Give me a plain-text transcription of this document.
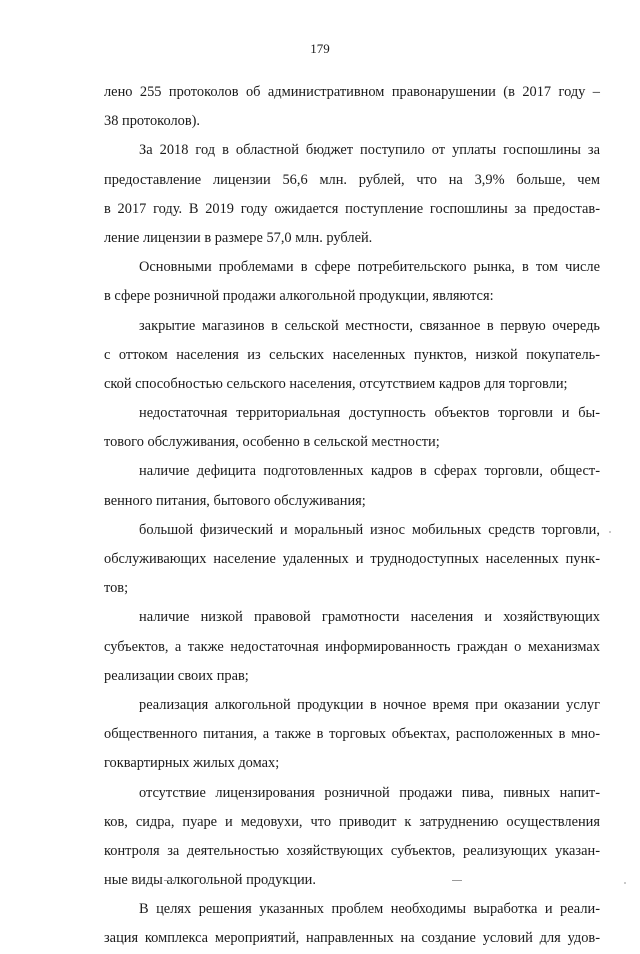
179
лено 255 протоколов об административном правонарушении (в 2017 году –
38 протоколов).
За 2018 год в областной бюджет поступило от уплаты госпошлины за
предоставление лицензии 56,6 млн. рублей, что на 3,9% больше, чем
в 2017 году. В 2019 году ожидается поступление госпошлины за предостав-
ление лицензии в размере 57,0 млн. рублей.
Основными проблемами в сфере потребительского рынка, в том числе
в сфере розничной продажи алкогольной продукции, являются:
закрытие магазинов в сельской местности, связанное в первую очередь
с оттоком населения из сельских населенных пунктов, низкой покупатель-
ской способностью сельского населения, отсутствием кадров для торговли;
недостаточная территориальная доступность объектов торговли и бы-
тового обслуживания, особенно в сельской местности;
наличие дефицита подготовленных кадров в сферах торговли, общест-
венного питания, бытового обслуживания;
большой физический и моральный износ мобильных средств торговли,
обслуживающих население удаленных и труднодоступных населенных пунк-
тов;
наличие низкой правовой грамотности населения и хозяйствующих
субъектов, а также недостаточная информированность граждан о механизмах
реализации своих прав;
реализация алкогольной продукции в ночное время при оказании услуг
общественного питания, а также в торговых объектах, расположенных в мно-
гоквартирных жилых домах;
отсутствие лицензирования розничной продажи пива, пивных напит-
ков, сидра, пуаре и медовухи, что приводит к затруднению осуществления
контроля за деятельностью хозяйствующих субъектов, реализующих указан-
ные виды алкогольной продукции.
В целях решения указанных проблем необходимы выработка и реали-
зация комплекса мероприятий, направленных на создание условий для удов-
